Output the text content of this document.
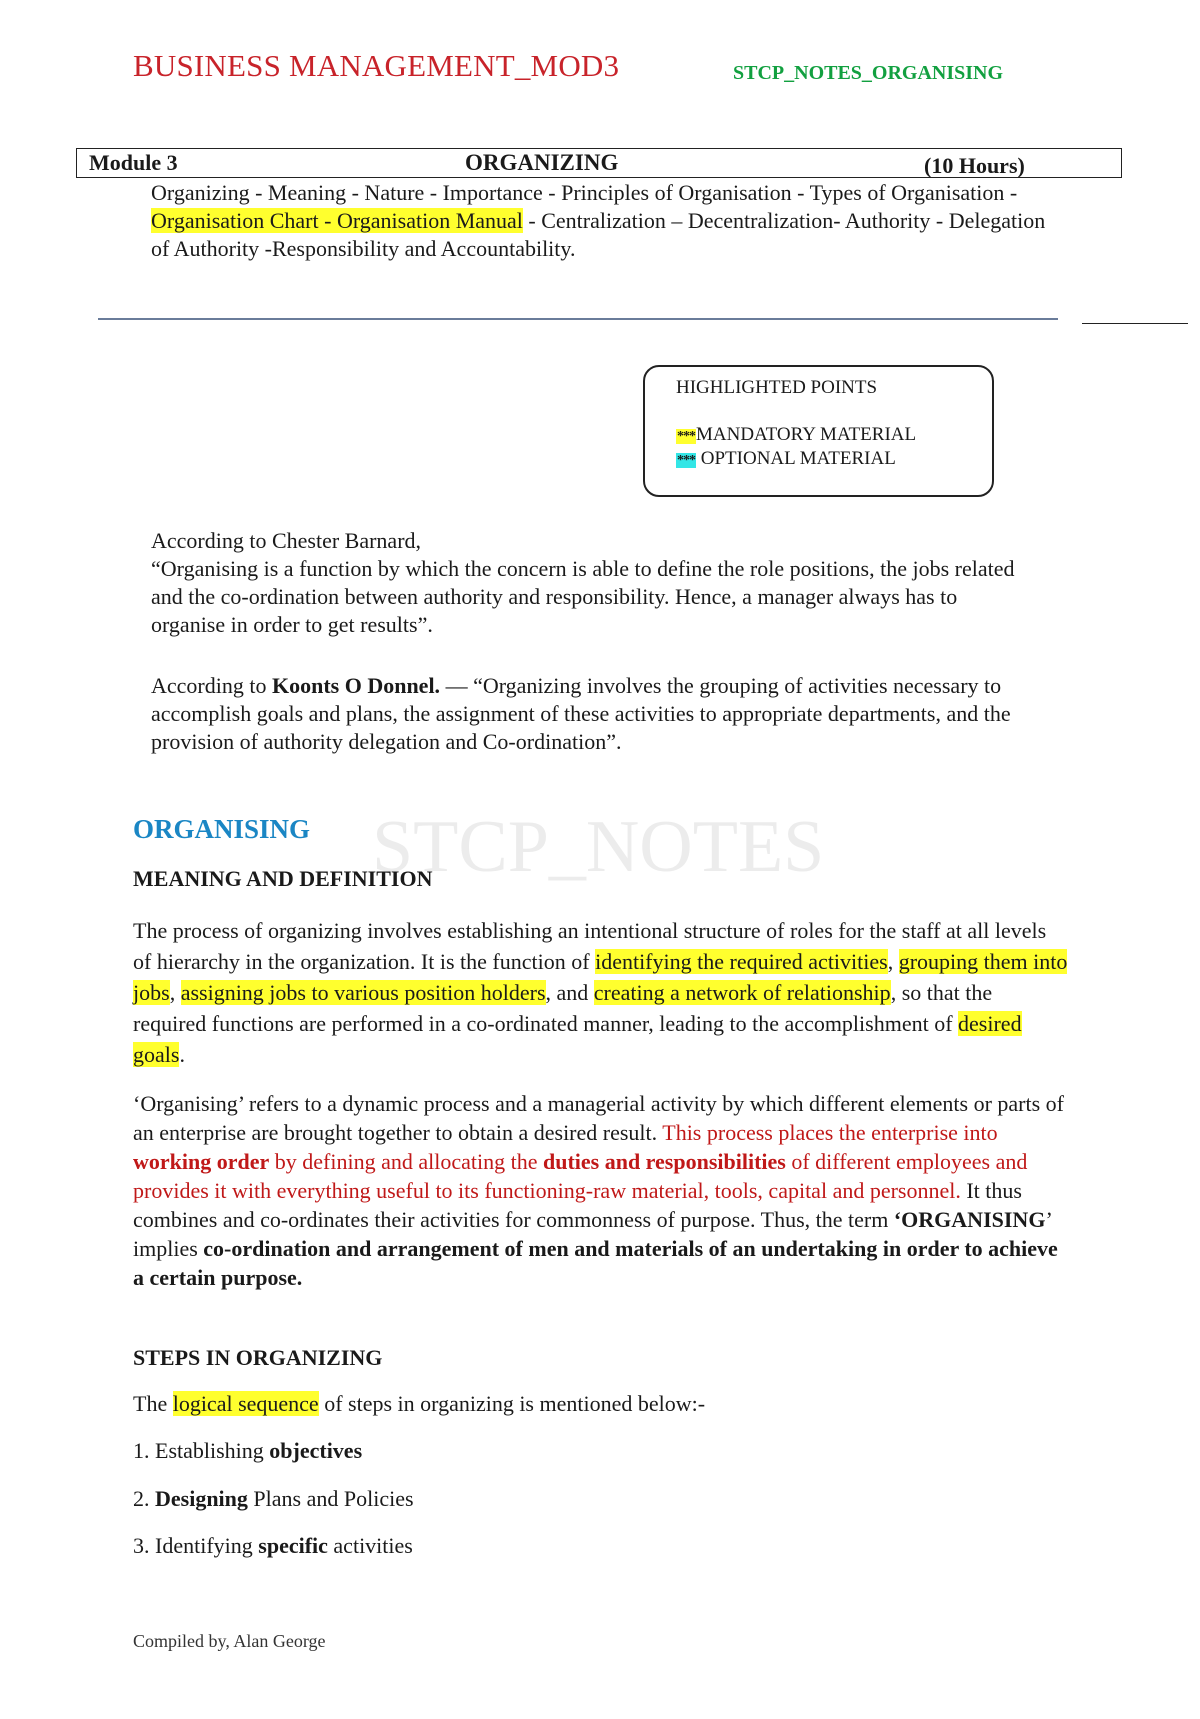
BUSINESS MANAGEMENT_MOD3	STCP_NOTES_ORGANISING
Module 3	ORGANIZING	(10 Hours)
Organizing - Meaning - Nature - Importance - Principles of Organisation - Types of Organisation - Organisation Chart - Organisation Manual - Centralization – Decentralization- Authority - Delegation of Authority -Responsibility and Accountability.
HIGHLIGHTED POINTS
***MANDATORY MATERIAL
*** OPTIONAL MATERIAL
According to Chester Barnard,
“Organising is a function by which the concern is able to define the role positions, the jobs related and the co-ordination between authority and responsibility. Hence, a manager always has to organise in order to get results”.
According to Koonts O Donnel. — “Organizing involves the grouping of activities necessary to accomplish goals and plans, the assignment of these activities to appropriate departments, and the provision of authority delegation and Co-ordination”.
STCP_NOTES
ORGANISING
MEANING AND DEFINITION
The process of organizing involves establishing an intentional structure of roles for the staff at all levels of hierarchy in the organization. It is the function of identifying the required activities, grouping them into jobs, assigning jobs to various position holders, and creating a network of relationship, so that the required functions are performed in a co-ordinated manner, leading to the accomplishment of desired goals.
‘Organising’ refers to a dynamic process and a managerial activity by which different elements or parts of an enterprise are brought together to obtain a desired result. This process places the enterprise into working order by defining and allocating the duties and responsibilities of different employees and provides it with everything useful to its functioning-raw material, tools, capital and personnel. It thus combines and co-ordinates their activities for commonness of purpose. Thus, the term ‘ORGANISING’ implies co-ordination and arrangement of men and materials of an undertaking in order to achieve a certain purpose.
STEPS IN ORGANIZING
The logical sequence of steps in organizing is mentioned below:-
1. Establishing objectives
2. Designing Plans and Policies
3. Identifying specific activities
Compiled by, Alan George
